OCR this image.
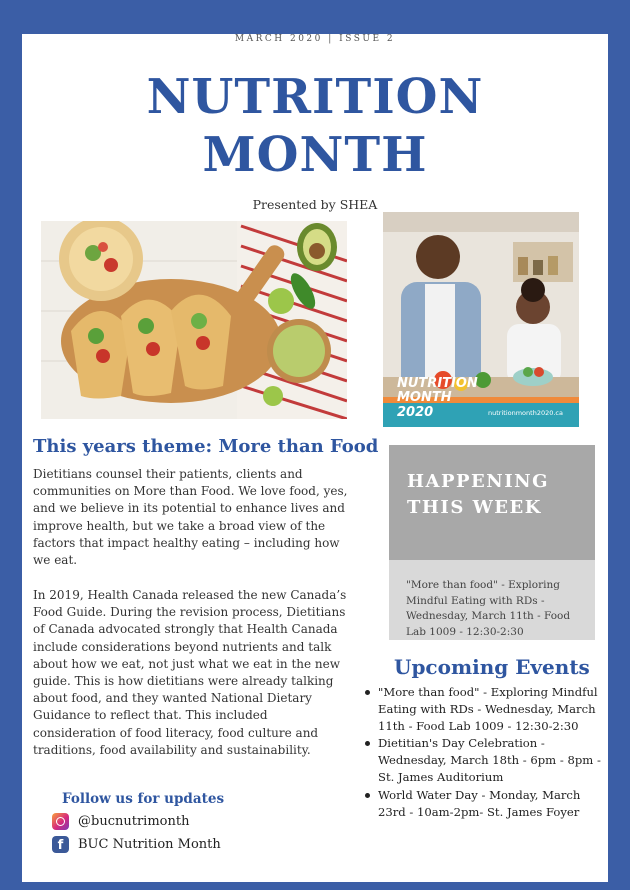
MARCH 2020 | ISSUE 2
NUTRITION
MONTH
Presented by SHEA
NUTRITION
MONTH
2020	nutritionmonth2020.ca
This years theme: More than Food
Dietitians counsel their patients, clients and communities on More than Food. We love food, yes, and we believe in its potential to enhance lives and improve health, but we take a broad view of the factors that impact healthy eating – including how we eat.
In 2019, Health Canada released the new Canada’s Food Guide. During the revision process, Dietitians of Canada advocated strongly that Health Canada include considerations beyond nutrients and talk about how we eat, not just what we eat in the new guide. This is how dietitians were already talking about food, and they wanted National Dietary Guidance to reflect that. This included consideration of food literacy, food culture and traditions, food availability and sustainability.
Follow us for updates
@bucnutrimonth
f	BUC Nutrition Month
HAPPENING
THIS WEEK
"More than food" - Exploring Mindful Eating with RDs - Wednesday, March 11th - Food Lab 1009 - 12:30-2:30
Upcoming Events
"More than food" - Exploring Mindful Eating with RDs - Wednesday, March 11th - Food Lab 1009 - 12:30-2:30
Dietitian's Day Celebration - Wednesday, March 18th - 6pm - 8pm - St. James Auditorium
World Water Day - Monday, March 23rd - 10am-2pm- St. James Foyer
